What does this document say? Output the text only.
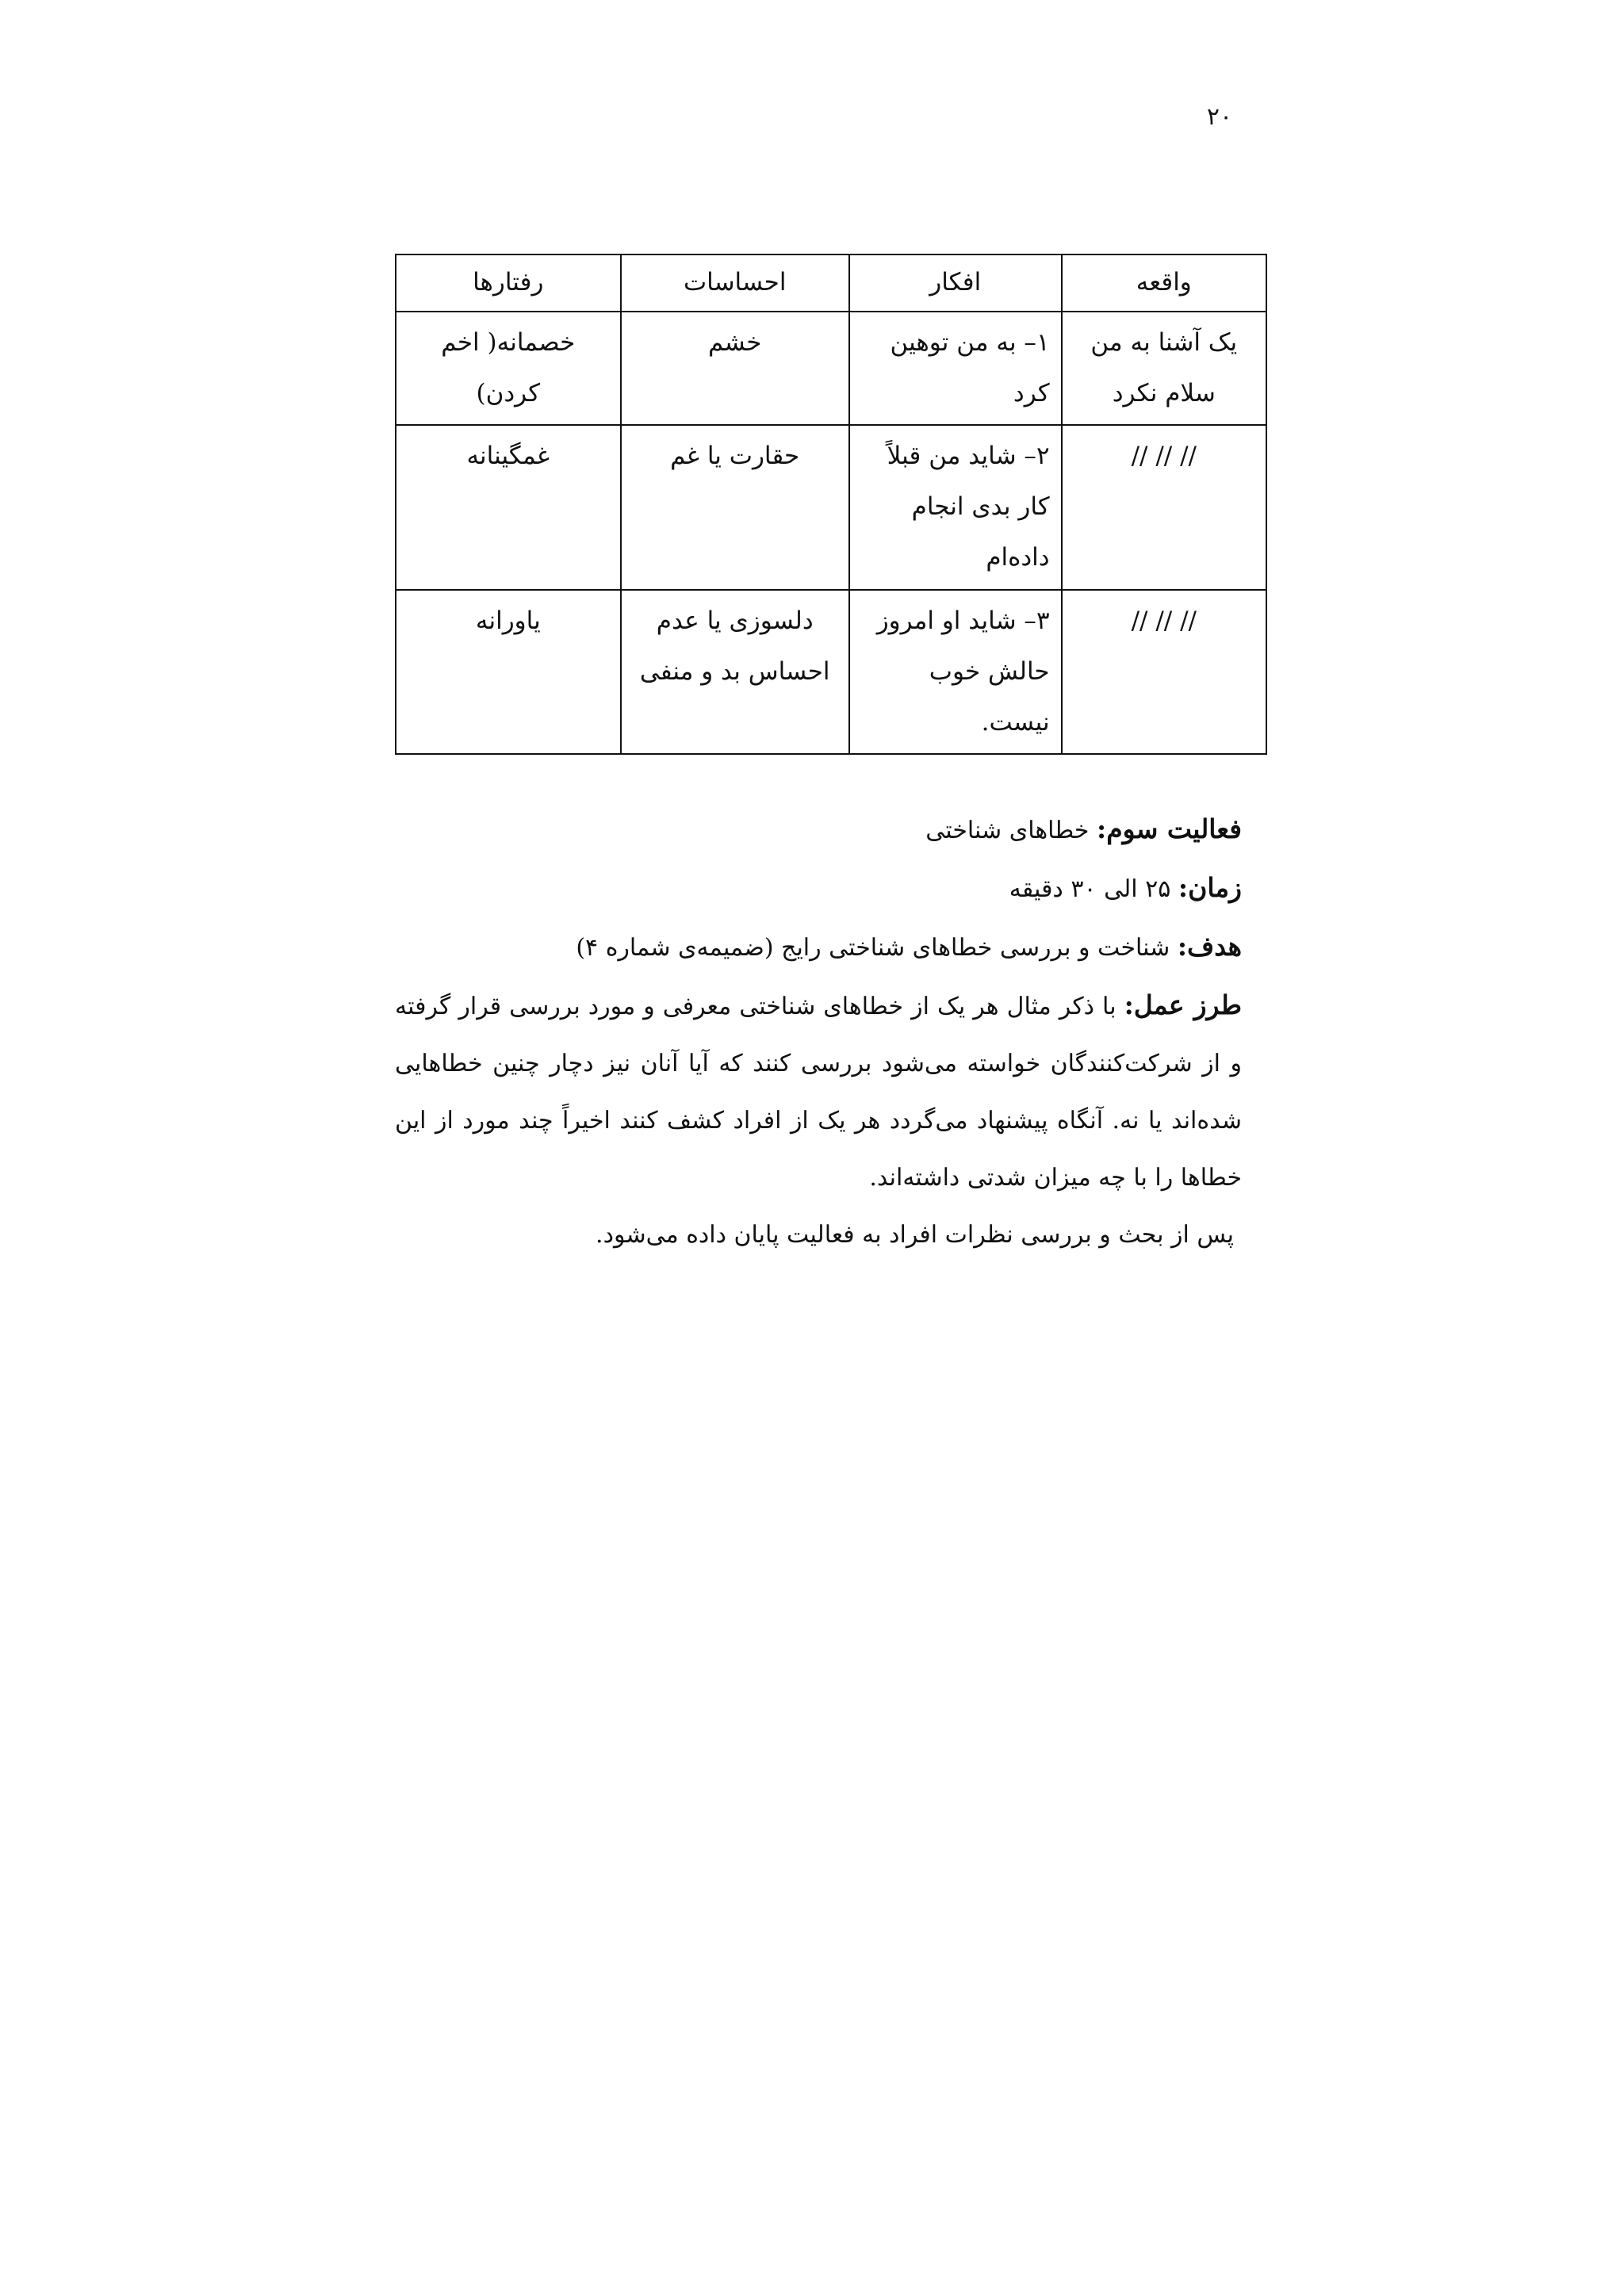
۲۰
واقعه	افکار	احساسات	رفتارها
یک آشنا به من سلام نکرد	۱– به من توهین کرد	خشم	خصمانه( اخم کردن)
// // //	۲– شاید من قبلاً کار بدی انجام داده‌ام	حقارت یا غم	غمگینانه
// // //	۳– شاید او امروز حالش خوب نیست.	دلسوزی یا عدم احساس بد و منفی	یاورانه

فعالیت سوم: خطاهای شناختی

زمان: ۲۵ الی ۳۰ دقیقه

هدف: شناخت و بررسی خطاهای شناختی رایج (ضمیمه‌ی شماره ۴)

طرز عمل: با ذکر مثال هر یک از خطاهای شناختی معرفی و مورد بررسی قرار گرفته و از شرکت‌کنندگان خواسته می‌شود بررسی کنند که آیا آنان نیز دچار چنین خطاهایی شده‌اند یا نه. آنگاه پیشنهاد می‌گردد هر یک از افراد کشف کنند اخیراً چند مورد از این خطاها را با چه میزان شدتی داشته‌اند.

پس از بحث و بررسی نظرات افراد به فعالیت پایان داده می‌شود.
